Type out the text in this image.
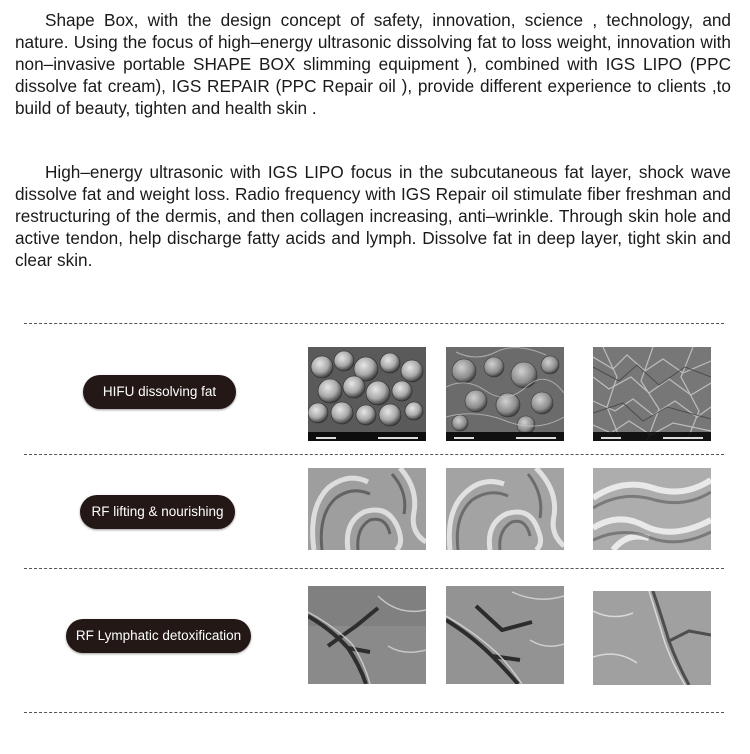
Shape Box, with the design concept of safety, innovation, science , technology, and nature. Using the focus of high–energy ultrasonic dissolving fat to loss weight, innovation with non–invasive portable SHAPE BOX slimming equipment ), combined with IGS LIPO (PPC dissolve fat cream), IGS REPAIR (PPC Repair oil ), provide different experience to clients ,to build of beauty, tighten and health skin .

High–energy ultrasonic with IGS LIPO focus in the subcutaneous fat layer, shock wave dissolve fat and weight loss. Radio frequency with IGS Repair oil stimulate fiber freshman and restructuring of the dermis, and then collagen increasing, anti–wrinkle. Through skin hole and active tendon, help discharge fatty acids and lymph. Dissolve fat in deep layer, tight skin and clear skin.

HIFU dissolving fat
RF lifting & nourishing
RF Lymphatic detoxification
